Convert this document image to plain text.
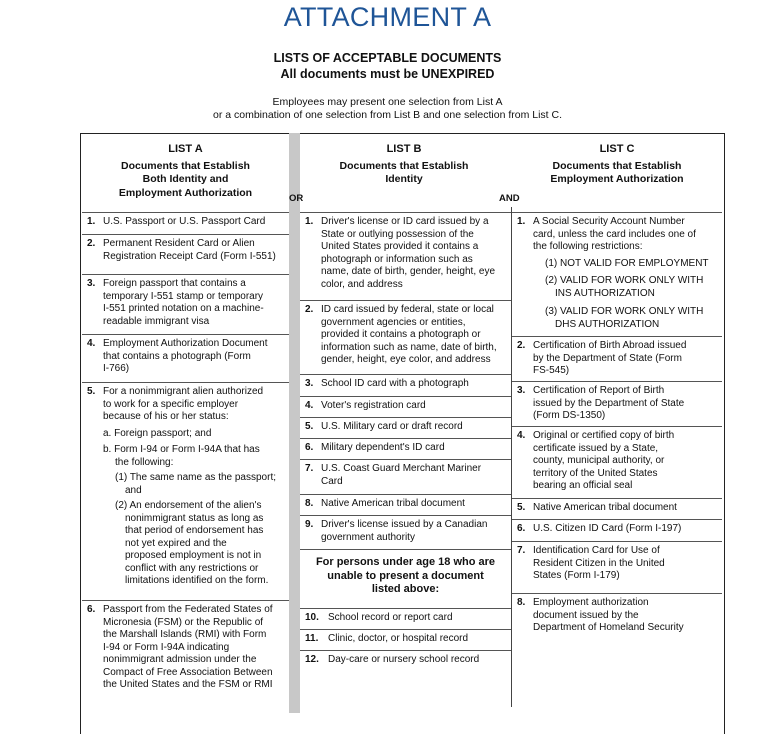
ATTACHMENT A
LISTS OF ACCEPTABLE DOCUMENTS
All documents must be UNEXPIRED
Employees may present one selection from List A
or a combination of one selection from List B and one selection from List C.
LIST A
Documents that Establish
Both Identity and
Employment Authorization	OR
LIST B
Documents that Establish
Identity
AND
LIST C
Documents that Establish
Employment Authorization
1. U.S. Passport or U.S. Passport Card
2. Permanent Resident Card or Alien
Registration Receipt Card (Form I-551)
3. Foreign passport that contains a
temporary I-551 stamp or temporary
I-551 printed notation on a machine-
readable immigrant visa
4. Employment Authorization Document
that contains a photograph (Form
I-766)
5. For a nonimmigrant alien authorized
to work for a specific employer
because of his or her status:
a. Foreign passport; and
b. Form I-94 or Form I-94A that has
the following:
(1) The same name as the passport;
and
(2) An endorsement of the alien's
nonimmigrant status as long as
that period of endorsement has
not yet expired and the
proposed employment is not in
conflict with any restrictions or
limitations identified on the form.
6. Passport from the Federated States of
Micronesia (FSM) or the Republic of
the Marshall Islands (RMI) with Form
I-94 or Form I-94A indicating
nonimmigrant admission under the
Compact of Free Association Between
the United States and the FSM or RMI
1. Driver's license or ID card issued by a
State or outlying possession of the
United States provided it contains a
photograph or information such as
name, date of birth, gender, height, eye
color, and address
2. ID card issued by federal, state or local
government agencies or entities,
provided it contains a photograph or
information such as name, date of birth,
gender, height, eye color, and address
3. School ID card with a photograph
4. Voter's registration card
5. U.S. Military card or draft record
6. Military dependent's ID card
7. U.S. Coast Guard Merchant Mariner
Card
8. Native American tribal document
9. Driver's license issued by a Canadian
government authority
For persons under age 18 who are
unable to present a document
listed above:
10. School record or report card
11. Clinic, doctor, or hospital record
12. Day-care or nursery school record
1. A Social Security Account Number
card, unless the card includes one of
the following restrictions:
(1) NOT VALID FOR EMPLOYMENT
(2) VALID FOR WORK ONLY WITH
INS AUTHORIZATION
(3) VALID FOR WORK ONLY WITH
DHS AUTHORIZATION
2. Certification of Birth Abroad issued
by the Department of State (Form
FS-545)
3. Certification of Report of Birth
issued by the Department of State
(Form DS-1350)
4. Original or certified copy of birth
certificate issued by a State,
county, municipal authority, or
territory of the United States
bearing an official seal
5. Native American tribal document
6. U.S. Citizen ID Card (Form I-197)
7. Identification Card for Use of
Resident Citizen in the United
States (Form I-179)
8. Employment authorization
document issued by the
Department of Homeland Security
